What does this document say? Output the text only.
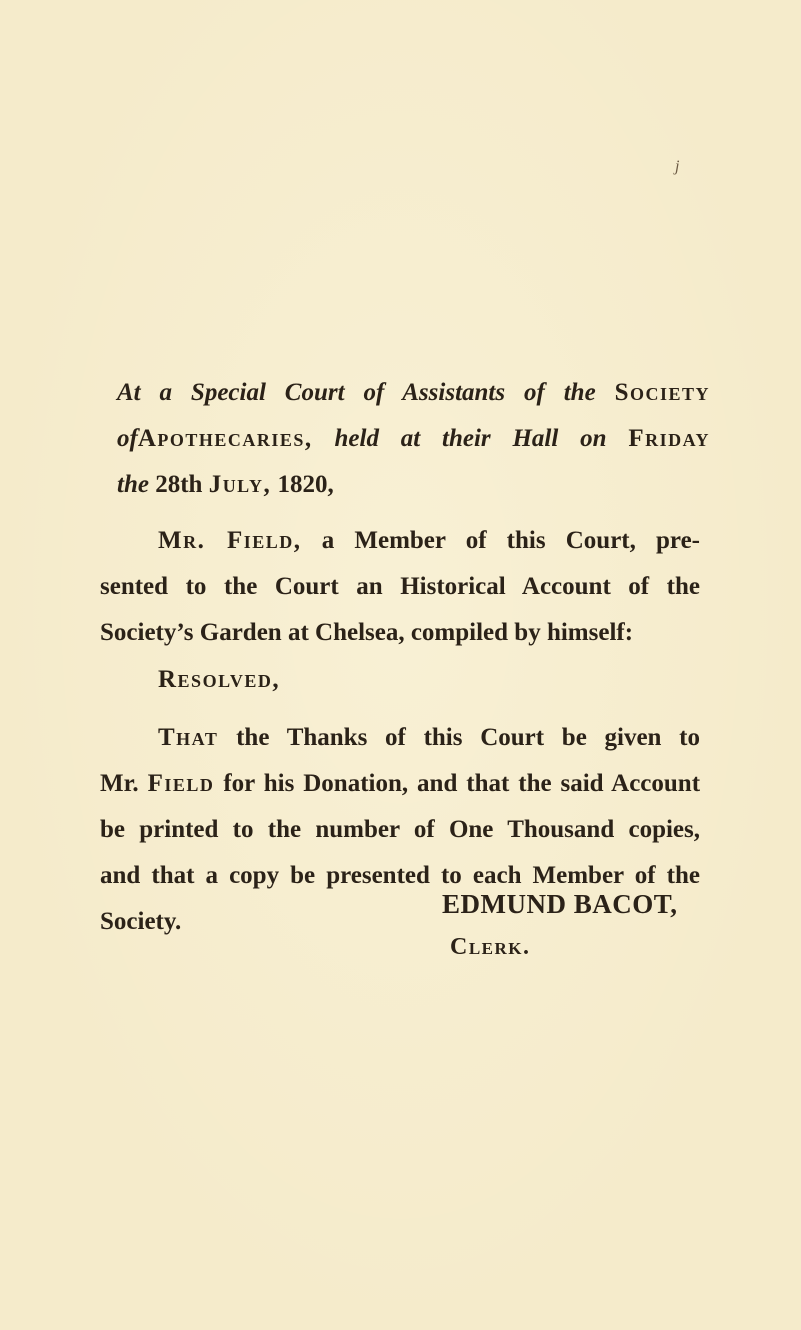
j
At a Special Court of Assistants of the Society
ofApothecaries, held at their Hall on Friday
the 28th July, 1820,
Mr. Field, a Member of this Court, pre-
sented to the Court an Historical Account of the
Society’s Garden at Chelsea, compiled by himself:
Resolved,
That the Thanks of this Court be given to
Mr. Field for his Donation, and that the said Account
be printed to the number of One Thousand copies,
and that a copy be presented to each Member of the
Society.
EDMUND BACOT,
Clerk.
